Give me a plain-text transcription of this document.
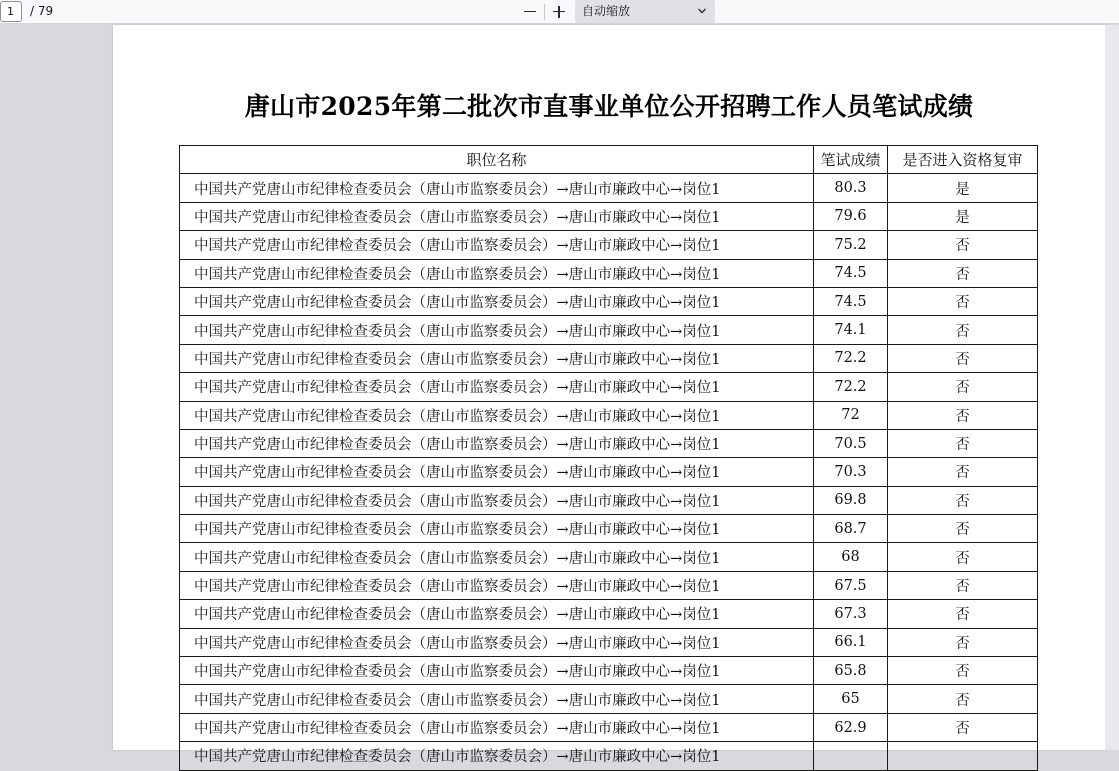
1	/ 79	自动缩放
唐山市2025年第二批次市直事业单位公开招聘工作人员笔试成绩
职位名称	笔试成绩	是否进入资格复审
中国共产党唐山市纪律检查委员会（唐山市监察委员会）→唐山市廉政中心→岗位1	80.3	是
中国共产党唐山市纪律检查委员会（唐山市监察委员会）→唐山市廉政中心→岗位1	79.6	是
中国共产党唐山市纪律检查委员会（唐山市监察委员会）→唐山市廉政中心→岗位1	75.2	否
中国共产党唐山市纪律检查委员会（唐山市监察委员会）→唐山市廉政中心→岗位1	74.5	否
中国共产党唐山市纪律检查委员会（唐山市监察委员会）→唐山市廉政中心→岗位1	74.5	否
中国共产党唐山市纪律检查委员会（唐山市监察委员会）→唐山市廉政中心→岗位1	74.1	否
中国共产党唐山市纪律检查委员会（唐山市监察委员会）→唐山市廉政中心→岗位1	72.2	否
中国共产党唐山市纪律检查委员会（唐山市监察委员会）→唐山市廉政中心→岗位1	72.2	否
中国共产党唐山市纪律检查委员会（唐山市监察委员会）→唐山市廉政中心→岗位1	72	否
中国共产党唐山市纪律检查委员会（唐山市监察委员会）→唐山市廉政中心→岗位1	70.5	否
中国共产党唐山市纪律检查委员会（唐山市监察委员会）→唐山市廉政中心→岗位1	70.3	否
中国共产党唐山市纪律检查委员会（唐山市监察委员会）→唐山市廉政中心→岗位1	69.8	否
中国共产党唐山市纪律检查委员会（唐山市监察委员会）→唐山市廉政中心→岗位1	68.7	否
中国共产党唐山市纪律检查委员会（唐山市监察委员会）→唐山市廉政中心→岗位1	68	否
中国共产党唐山市纪律检查委员会（唐山市监察委员会）→唐山市廉政中心→岗位1	67.5	否
中国共产党唐山市纪律检查委员会（唐山市监察委员会）→唐山市廉政中心→岗位1	67.3	否
中国共产党唐山市纪律检查委员会（唐山市监察委员会）→唐山市廉政中心→岗位1	66.1	否
中国共产党唐山市纪律检查委员会（唐山市监察委员会）→唐山市廉政中心→岗位1	65.8	否
中国共产党唐山市纪律检查委员会（唐山市监察委员会）→唐山市廉政中心→岗位1	65	否
中国共产党唐山市纪律检查委员会（唐山市监察委员会）→唐山市廉政中心→岗位1	62.9	否
中国共产党唐山市纪律检查委员会（唐山市监察委员会）→唐山市廉政中心→岗位1		
